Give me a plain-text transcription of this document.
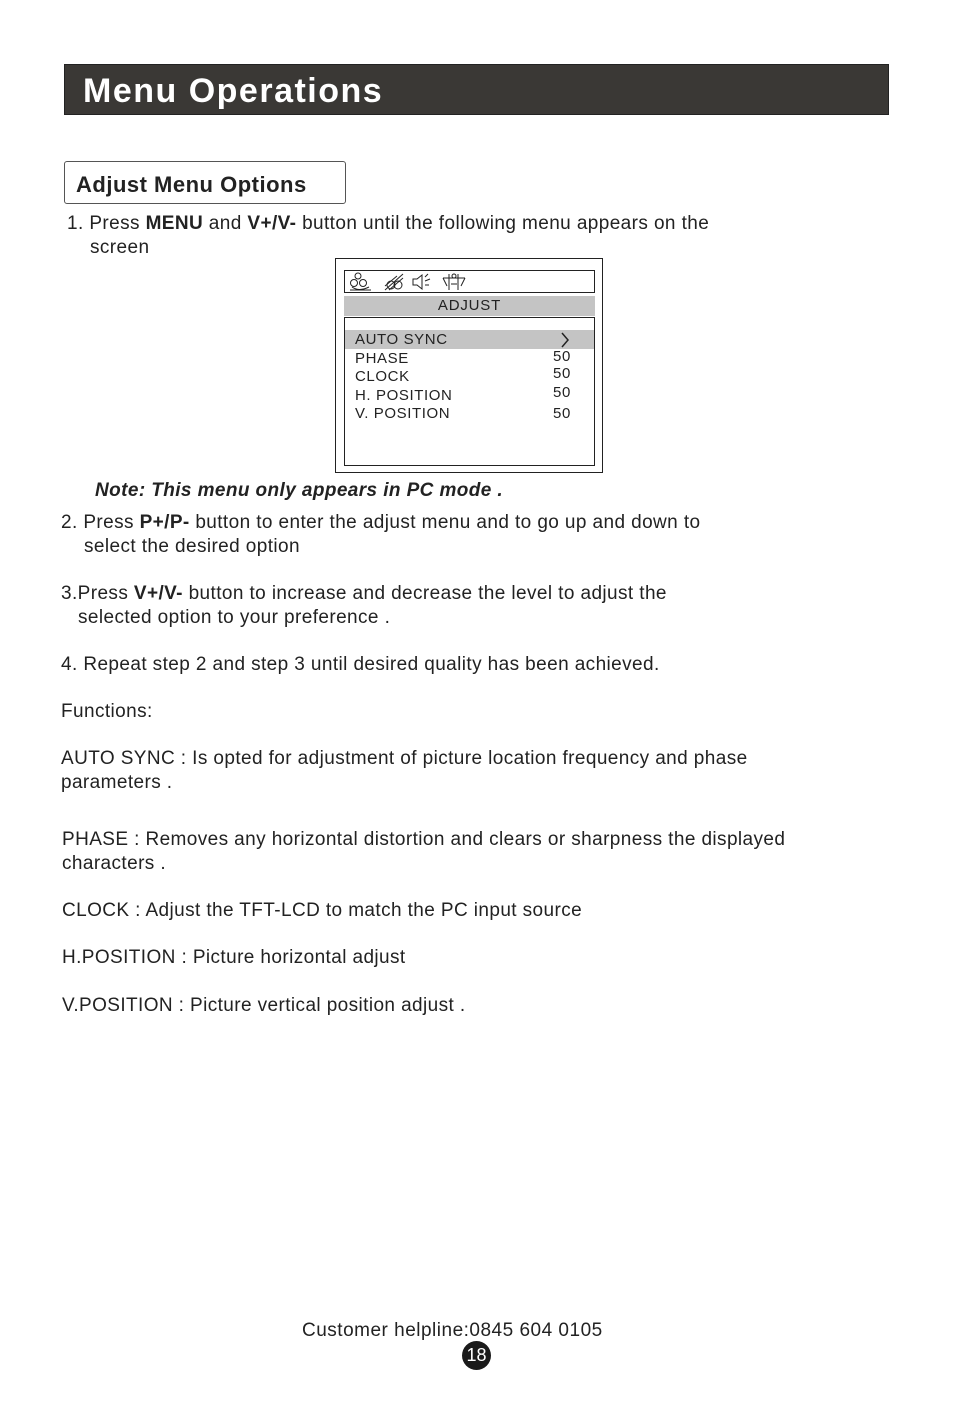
Menu Operations
Adjust Menu Options
1. Press MENU and V+/V- button until the following menu appears on the
screen
ADJUST
AUTO SYNC
PHASE	50
CLOCK	50
H. POSITION	50
V. POSITION	50
Note: This menu only appears in PC mode .
2. Press P+/P- button to enter the adjust menu and to go up and down to
select the desired option
3.Press V+/V- button to increase and decrease the level to adjust the
selected option to your preference .
4. Repeat step 2 and step 3 until desired quality has been achieved.
Functions:
AUTO SYNC : Is opted for adjustment of picture location frequency and phase
parameters .
PHASE : Removes any horizontal distortion and clears or sharpness the displayed
characters .
CLOCK : Adjust the TFT-LCD to match the PC input source
H.POSITION : Picture horizontal adjust
V.POSITION : Picture vertical position adjust .
Customer helpline:0845 604 0105
18
